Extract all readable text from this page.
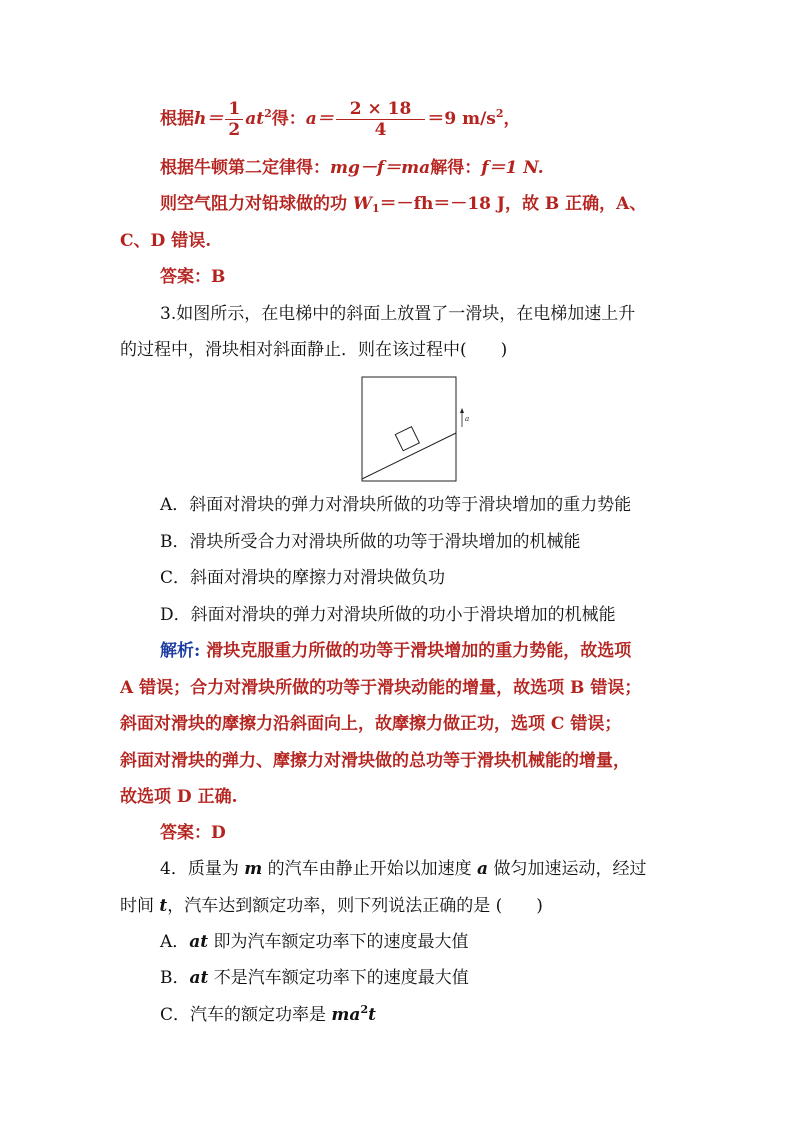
根据$h= \frac{1}{2} at^2$得：$a= \frac{2 \times 18}{4} =9$ $m/s^2$，
根据牛顿第二定律得：mg－f＝ma解得：f＝1 N.
则空气阻力对铅球做的功 $W_1=-fh=-18$ J，故 B 正确，A、
C、D 错误.
答案：B
3.如图所示，在电梯中的斜面上放置了一滑块，在电梯加速上升
的过程中，滑块相对斜面静止．则在该过程中(　　)
a
A．斜面对滑块的弹力对滑块所做的功等于滑块增加的重力势能
B．滑块所受合力对滑块所做的功等于滑块增加的机械能
C．斜面对滑块的摩擦力对滑块做负功
D．斜面对滑块的弹力对滑块所做的功小于滑块增加的机械能
解析: 滑块克服重力所做的功等于滑块增加的重力势能，故选项
A 错误；合力对滑块所做的功等于滑块动能的增量，故选项 B 错误；
斜面对滑块的摩擦力沿斜面向上，故摩擦力做正功，选项 C 错误；
斜面对滑块的弹力、摩擦力对滑块做的总功等于滑块机械能的增量，
故选项 D 正确.
答案：D
4．质量为 m 的汽车由静止开始以加速度 a 做匀加速运动，经过
时间 t，汽车达到额定功率，则下列说法正确的是 (　　)
A．at 即为汽车额定功率下的速度最大值
B．at 不是汽车额定功率下的速度最大值
C．汽车的额定功率是 $ma^2t$
